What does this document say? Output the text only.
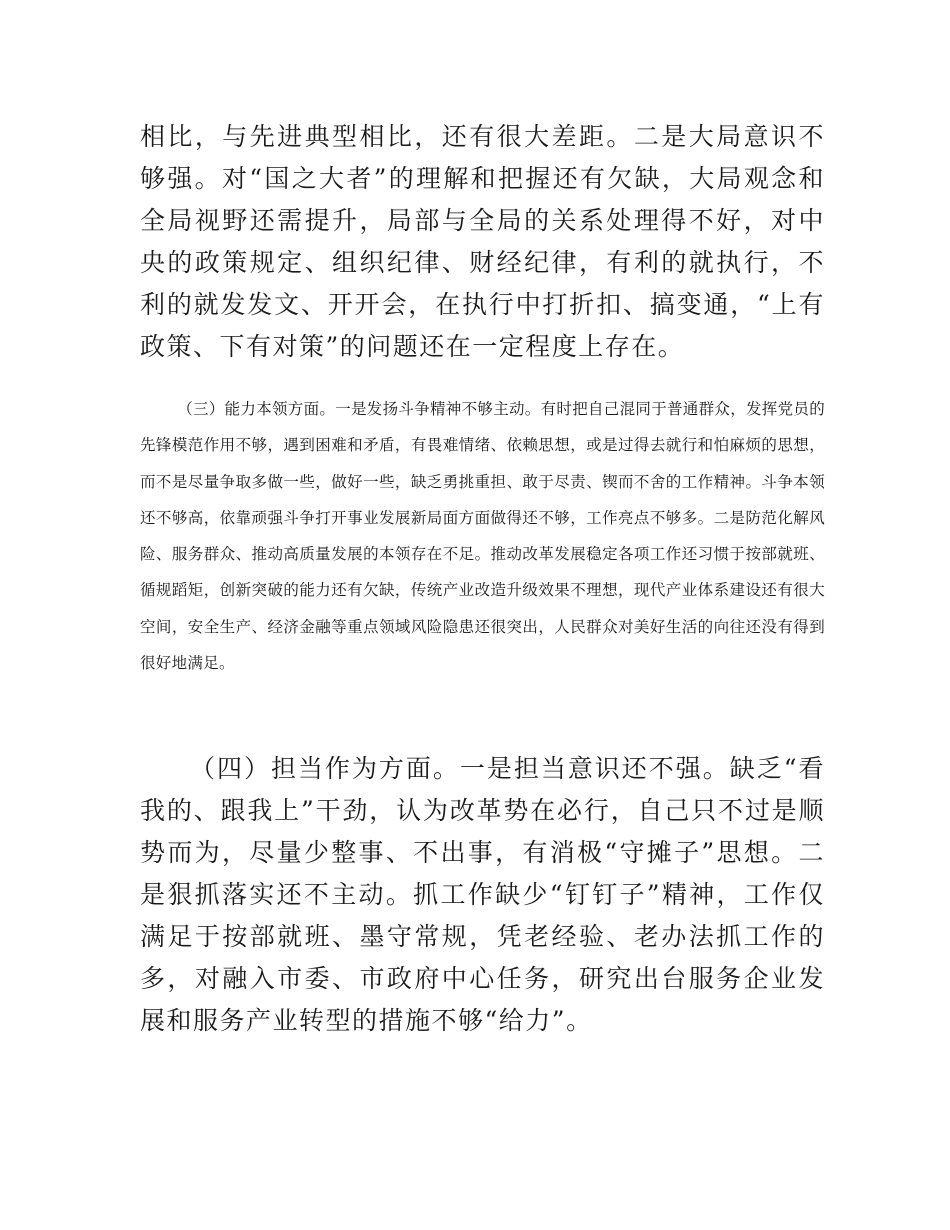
相比，与先进典型相比，还有很大差距。二是大局意识不够强。对“国之大者”的理解和把握还有欠缺，大局观念和全局视野还需提升，局部与全局的关系处理得不好，对中央的政策规定、组织纪律、财经纪律，有利的就执行，不利的就发发文、开开会，在执行中打折扣、搞变通，“上有政策、下有对策”的问题还在一定程度上存在。

（三）能力本领方面。一是发扬斗争精神不够主动。有时把自己混同于普通群众，发挥党员的先锋模范作用不够，遇到困难和矛盾，有畏难情绪、依赖思想，或是过得去就行和怕麻烦的思想，而不是尽量争取多做一些，做好一些，缺乏勇挑重担、敢于尽责、锲而不舍的工作精神。斗争本领还不够高，依靠顽强斗争打开事业发展新局面方面做得还不够，工作亮点不够多。二是防范化解风险、服务群众、推动高质量发展的本领存在不足。推动改革发展稳定各项工作还习惯于按部就班、循规蹈矩，创新突破的能力还有欠缺，传统产业改造升级效果不理想，现代产业体系建设还有很大空间，安全生产、经济金融等重点领域风险隐患还很突出，人民群众对美好生活的向往还没有得到很好地满足。

（四）担当作为方面。一是担当意识还不强。缺乏“看我的、跟我上”干劲，认为改革势在必行，自己只不过是顺势而为，尽量少整事、不出事，有消极“守摊子”思想。二是狠抓落实还不主动。抓工作缺少“钉钉子”精神，工作仅满足于按部就班、墨守常规，凭老经验、老办法抓工作的多，对融入市委、市政府中心任务，研究出台服务企业发展和服务产业转型的措施不够“给力”。
